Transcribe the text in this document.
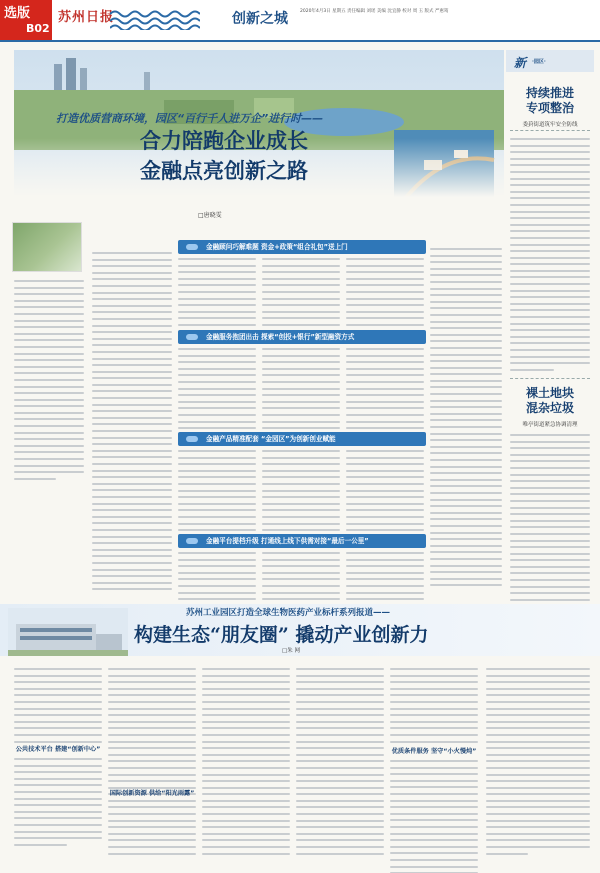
选版
B02
苏州日报	创新之城	2020年4月3日 星期五 责任编辑 刘瑶 美编 沈宜静 校对 周 玉 版式 严惠筠
打造优质营商环境，园区“百行千人进万企”进行时——
合力陪跑企业成长
金融点亮创新之路
□唐晓雯
金融顾问巧解难题 资金+政策“组合礼包”送上门
金融服务抱团出击 探索“创投+银行”新型融资方式
金融产品精准配套 “金园区”为创新创业赋能
金融平台提档升级 打通线上线下供需对接“最后一公里”
新 ·园区·
持续推进
专项整治
娄葑街道筑牢安全防线
裸土地块
混杂垃圾
唯亭街道紧急协调清理
苏州工业园区打造全球生物医药产业标杆系列报道——
构建生态“朋友圈” 撬动产业创新力
□朱 网
公共技术平台 搭建“创新中心”
国际创新资源 供给“阳光雨露”
优质条件服务 坚守“小火慢炖”
